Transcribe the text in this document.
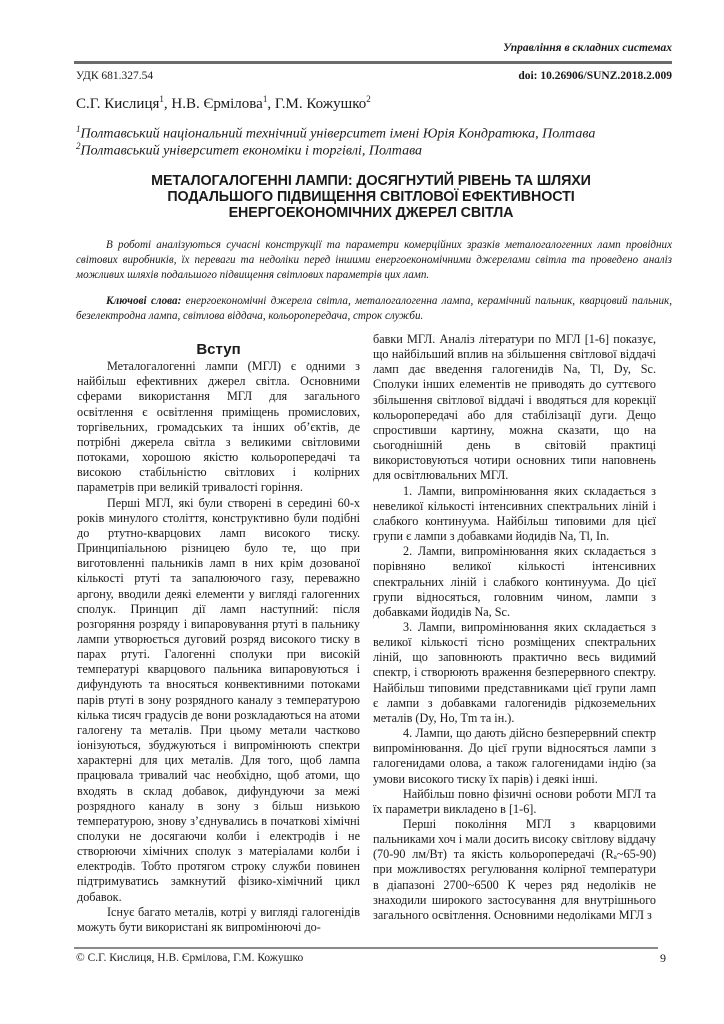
Управління в складних системах
УДК 681.327.54	doi: 10.26906/SUNZ.2018.2.009
С.Г. Кислиця$^1$, Н.В. Єрмілова$^1$, Г.М. Кожушко$^2$
$^1$Полтавський національний технічний університет імені Юрія Кондратюка, Полтава
$^2$Полтавський університет економіки і торгівлі, Полтава
МЕТАЛОГАЛОГЕННІ ЛАМПИ: ДОСЯГНУТИЙ РІВЕНЬ ТА ШЛЯХИ
ПОДАЛЬШОГО ПІДВИЩЕННЯ СВІТЛОВОЇ ЕФЕКТИВНОСТІ
ЕНЕРГОЕКОНОМІЧНИХ ДЖЕРЕЛ СВІТЛА
В роботі аналізуються сучасні конструкції та параметри комерційних зразків металогалогенних ламп провідних світових виробників, їх переваги та недоліки перед іншими енергоекономічними джерелами світла та проведено аналіз можливих шляхів подальшого підвищення світлових параметрів цих ламп.
Ключові слова: енергоекономічні джерела світла, металогалогенна лампа, керамічний пальник, кварцовий пальник, безелектродна лампа, світлова віддача, кольоропередача, строк служби.

Вступ

Металогалогенні лампи (МГЛ) є одними з найбільш ефективних джерел світла. Основними сферами використання МГЛ для загального освітлення є освітлення приміщень промислових, торгівельних, громадських та інших об’єктів, де потрібні джерела світла з великими світловими потоками, хорошою якістю кольоропередачі та високою стабільністю світлових і колірних параметрів при великій тривалості горіння.

Перші МГЛ, які були створені в середині 60-х років минулого століття, конструктивно були подібні до ртутно-кварцових ламп високого тиску. Принципіальною різницею було те, що при виготовленні пальників ламп в них крім дозованої кількості ртуті та запалюючого газу, переважно аргону, вводили деякі елементи у вигляді галогенних сполук. Принцип дії ламп наступний: після розгоряння розряду і випаровування ртуті в пальнику лампи утворюється дуговий розряд високого тиску в парах ртуті. Галогенні сполуки при високій температурі кварцового пальника випаровуються і дифундують та вносяться конвективними потоками парів ртуті в зону розрядного каналу з температурою кілька тисяч градусів де вони розкладаються на атоми галогену та металів. При цьому метали частково іонізуються, збуджуються і випромінюють спектри характерні для цих металів. Для того, щоб лампа працювала тривалий час необхідно, щоб атоми, що входять в склад добавок, дифундуючи за межі розрядного каналу в зону з більш низькою температурою, знову з’єднувались в початкові хімічні сполуки не досягаючи колби і електродів і не створюючи хімічних сполук з матеріалами колби і електродів. Тобто протягом строку служби повинен підтримуватись замкнутий фізико-хімічний цикл добавок.

Існує багато металів, котрі у вигляді галогенідів можуть бути використані як випромінюючі до-

бавки МГЛ. Аналіз літератури по МГЛ [1-6] показує, що найбільший вплив на збільшення світлової віддачі ламп дає введення галогенидів Na, Tl, Dy, Sc. Сполуки інших елементів не приводять до суттєвого збільшення світлової віддачі і вводяться для корекції кольоропередачі або для стабілізації дуги. Дещо спростивши картину, можна сказати, що на сьогоднішній день в світовій практиці використовуються чотири основних типи наповнень для освітлювальних МГЛ.

1. Лампи, випромінювання яких складається з невеликої кількості інтенсивних спектральних ліній і слабкого континуума. Найбільш типовими для цієї групи є лампи з добавками йодидів Na, Tl, In.

2. Лампи, випромінювання яких складається з порівняно великої кількості інтенсивних спектральних ліній і слабкого континуума. До цієї групи відносяться, головним чином, лампи з добавками йодидів Na, Sc.

3. Лампи, випромінювання яких складається з великої кількості тісно розміщених спектральних ліній, що заповнюють практично весь видимий спектр, і створюють враження безперервного спектру. Найбільш типовими представниками цієї групи ламп є лампи з добавками галогенидів рідкоземельних металів (Dy, Ho, Tm та ін.).

4. Лампи, що дають дійсно безперервний спектр випромінювання. До цієї групи відносяться лампи з галогенидами олова, а також галогенидами індію (за умови високого тиску їх парів) і деякі інші.

Найбільш повно фізичні основи роботи МГЛ та їх параметри викладено в [1-6].

Перші покоління МГЛ з кварцовими пальниками хоч і мали досить високу світлову віддачу (70-90 лм/Вт) та якість кольоропередачі (Rₐ~65-90) при можливостях регулювання колірної температури в діапазоні 2700~6500 К через ряд недоліків не знаходили широкого застосування для внутрішнього загального освітлення. Основними недоліками МГЛ з

© С.Г. Кислиця, Н.В. Єрмілова, Г.М. Кожушко	9
